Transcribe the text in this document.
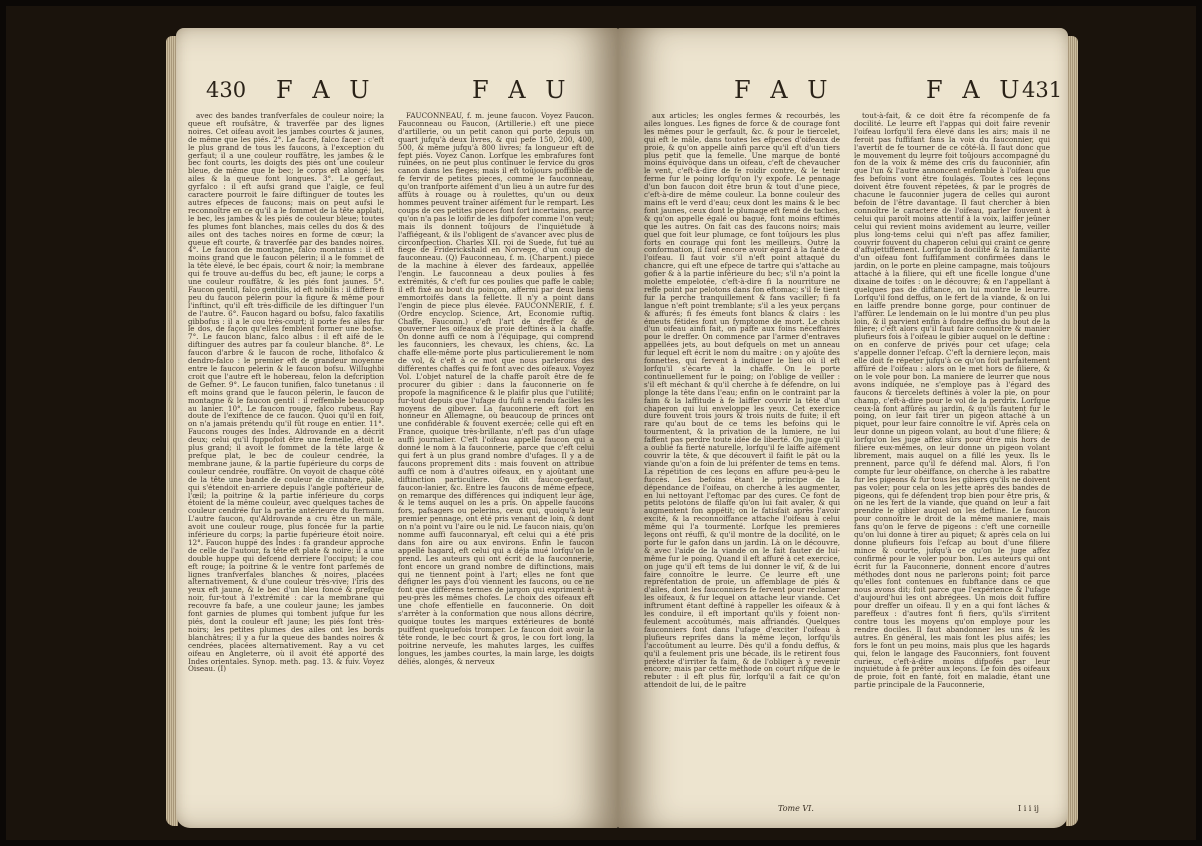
430 F A U	F A U

avec des bandes tranfverfales de couleur noire; la queue eft roufsâtre, & traverfée par des lignes noires. Cet oifeau avoit les jambes courtes & jaunes, de même que les piés. 2°. Le facré, falco facer : c'eft le plus grand de tous les faucons, à l'exception du gerfaut; il a une couleur rouffâtre, les jambes & le bec font courts, les doigts des piés ont une couleur bleue, de même que le bec; le corps eft alongé; les ailes & la queue font longues. 3°. Le gerfaut, gyrfalco : il eft aufsi grand que l'aigle, ce feul caractere pourroit le faire diftinguer de toutes les autres efpeces de faucons; mais on peut aufsi le reconnoître en ce qu'il a le fommet de la tête applati, le bec, les jambes & les piés de couleur bleue; toutes fes plumes font blanches, mais celles du dos & des ailes ont des taches noires en forme de cœur; la queue eft courte, & traverfée par des bandes noires. 4°. Le faucon de montagne, falco montanus : il eft moins grand que le faucon pélerin; il a le fommet de la tête élevé, le bec épais, court & noir; la membrane qui fe trouve au-deffus du bec, eft jaune; le corps a une couleur rouffâtre, & les piés font jaunes. 5°. Faucon gentil, falco gentilis, id eft nobilis : il differe fi peu du faucon pélerin pour la figure & même pour l'inftinct, qu'il eft très-difficile de les diftinguer l'un de l'autre. 6°. Faucon hagard ou bofsu, falco faxatilis gibbofus : il a le cou très-court; il porte fes ailes fur le dos, de façon qu'elles femblent former une bofse. 7°. Le faucon blanc, falco albus : il eft aifé de le diftinguer des autres par fa couleur blanche. 8°. Le faucon d'arbre & le faucon de roche, lithofalco & dendro-falco : le premier eft de grandeur moyenne entre le faucon pelerin & le faucon bofsu. Willughbi croit que l'autre eft le hobereau, felon la defcription de Gefner. 9°. Le faucon tunifien, falco tunetanus : il eft moins grand que le faucon pélerin, le faucon de montagne & le faucon gentil : il reffemble beaucoup au lanier. 10°. Le faucon rouge, falco rubeus. Ray doute de l'exiftence de ce faucon. Quoi qu'il en foit, on n'a jamais prétendu qu'il fût rouge en entier. 11°. Faucons rouges des Indes. Aldrovande en a décrit deux; celui qu'il fuppofoit être une femelle, étoit le plus grand; il avoit le fommet de la tête large & prefque plat, le bec de couleur cendrée, la membrane jaune, & la partie fupérieure du corps de couleur cendrée, rouffâtre. On voyoit de chaque côté de la tête une bande de couleur de cinnabre, pâle, qui s'étendoit en-arriere depuis l'angle poftérieur de l'œil; la poitrine & la partie inférieure du corps étoient de la même couleur, avec quelques taches de couleur cendrée fur la partie antérieure du fternum. L'autre faucon, qu'Aldrovande a cru être un mâle, avoit une couleur rouge, plus foncée fur la partie inférieure du corps; la partie fupérieure étoit noire. 12°. Faucon huppé des Indes : fa grandeur approche de celle de l'autour, fa tête eft plate & noire; il a une double huppe qui defcend derriere l'occiput; le cou eft rouge; la poitrine & le ventre font parfemés de lignes tranfverfales blanches & noires, placées alternativement, & d'une couleur très-vive; l'iris des yeux eft jaune, & le bec d'un bleu foncé & prefque noir, fur-tout à l'extrémité : car la membrane qui recouvre fa bafe, a une couleur jaune; les jambes font garnies de plumes qui tombent jufque fur les piés, dont la couleur eft jaune; les piés font très-noirs; les petites plumes des ailes ont les bords blanchâtres; il y a fur la queue des bandes noires & cendrées, placées alternativement. Ray a vu cet oifeau en Angleterre, où il avoit été apporté des Indes orientales. Synop. meth. pag. 13. & fuiv. Voyez Oiseau. (I)

FAUCONNEAU, f. m. jeune faucon. Voyez Faucon. Fauconneau ou Faucon, (Artillerie.) eft une piece d'artillerie, ou un petit canon qui porte depuis un quart jufqu'à deux livres, & qui pefe 150, 200, 400, 500, & même jufqu'à 800 livres; fa longueur eft de fept piés. Voyez Canon. Lorfque les embrafures font ruinées, on ne peut plus continuer le fervice du gros canon dans les fieges; mais il eft toûjours poffible de fe fervir de petites pieces, comme le fauconneau, qu'on tranfporte aifément d'un lieu à un autre fur des affûts à rouage ou à roulettes, qu'un ou deux hommes peuvent traîner aifément fur le rempart. Les coups de ces petites pieces font fort incertains, parce qu'on n'a pas le loifir de les difpofer comme l'on veut; mais ils donnent toûjours de l'inquiétude à l'affiégeant, & ils l'obligent de s'avancer avec plus de circonfpection. Charles XII. roi de Suede, fut tué au fiege de Friderickshald en Norvege, d'un coup de fauconneau. (Q) Fauconneau, f. m. (Charpent.) piece de la machine à élever des fardeaux, appellée l'engin. Le fauconneau a deux poulies à fes extrémités, & c'eft fur ces poulies que paffe le cable; il eft fixé au bout du poinçon, affermi par deux liens emmortoifés dans la fellette. Il n'y a point dans l'engin de piece plus élevée. FAUCONNERIE, f. f. (Ordre encyclop. Science, Art, Economie ruftiq. Chaffe, Fauconn.) c'eft l'art de dreffer & de gouverner les oifeaux de proie deftinés à la chaffe. On donne auffi ce nom à l'équipage, qui comprend les fauconniers, les chevaux, les chiens, &c. La chaffe elle-même porte plus particulierement le nom de vol, & c'eft à ce mot que nous parlerons des différentes chaffes qui fe font avec des oifeaux. Voyez Vol. L'objet naturel de la chaffe paroît être de fe procurer du gibier : dans la fauconnerie on fe propofe la magnificence & le plaifir plus que l'utilité; fur-tout depuis que l'ufage du fufil a rendu faciles les moyens de gibover. La fauconnerie eft fort en honneur en Allemagne, où beaucoup de princes ont une confidérable & fouvent exercée; celle qui eft en France, quoique très-brillante, n'eft pas d'un ufage auffi journalier. C'eft l'oifeau appellé faucon qui a donné le nom à la fauconnerie, parce que c'eft celui qui fert à un plus grand nombre d'ufages. Il y a de faucons proprement dits : mais fouvent on attribue auffi ce nom à d'autres oifeaux, en y ajoûtant une diftinction particuliere. On dit faucon-gerfaut, faucon-lanier, &c. Entre les faucons de même efpece, on remarque des différences qui indiquent leur âge, & le tems auquel on les a pris. On appelle faucons fors, pafsagers ou pelerins, ceux qui, quoiqu'à leur premier pennage, ont été pris venant de loin, & dont on n'a point vu l'aire ou le nid. Le faucon niais, qu'on nomme auffi fauconnaryal, eft celui qui a été pris dans fon aire ou aux environs. Enfin le faucon appellé hagard, eft celui qui a déja mué lorfqu'on le prend. Les auteurs qui ont écrit de la fauconnerie, font encore un grand nombre de diftinctions, mais qui ne tiennent point à l'art; elles ne font que défigner les pays d'où viennent les faucons, ou ce ne font que différens termes de jargon qui expriment à-peu-près les mêmes chofes. Le choix des oifeaux eft une chofe effentielle en fauconnerie. On doit s'arrêter à la conformation que nous allons décrire, quoique toutes les marques extérieures de bonté puiffent quelquefois tromper. Le faucon doit avoir la tête ronde, le bec court & gros, le cou fort long, la poitrine nerveufe, les mahutes larges, les cuiffes longues, les jambes courtes, la main large, les doigts déliés, alongés, & nerveux

F A U	F A U
431

aux articles; les ongles fermes & recourbés, les ailes longues. Les fignes de force & de courage font les mêmes pour le gerfault, &c. & pour le tiercelet, qui eft le mâle, dans toutes les efpeces d'oifeaux de proie, & qu'on appelle ainfi parce qu'il eft d'un tiers plus petit que la femelle. Une marque de bonté moins équivoque dans un oifeau, c'eft de chevaucher le vent, c'eft-à-dire de fe roidir contre, & le tenir ferme fur le poing lorfqu'on l'y expofe. Le pennage d'un bon faucon doit être brun & tout d'une piece, c'eft-à-dire de même couleur. La bonne couleur des mains eft le verd d'eau; ceux dont les mains & le bec font jaunes, ceux dont le plumage eft femé de taches, & qu'on appelle égalé ou bagué, font moins eftimés que les autres. On fait cas des faucons noirs; mais quel que foit leur plumage, ce font toûjours les plus forts en courage qui font les meilleurs. Outre la conformation, il faut encore avoir égard à la fanté de l'oifeau. Il faut voir s'il n'eft point attaqué du chancre, qui eft une efpece de tartre qui s'attache au gofier & à la partie inférieure du bec; s'il n'a point la molette empelotée, c'eft-à-dire fi la nourriture ne reffe point par pelotons dans fon eftomac; s'il fe tient fur la perche tranquillement & fans vaciller; fi fa langue n'eft point tremblante; s'il a les yeux perçans & affurés; fi fes émeuts font blancs & clairs : les émeuts fétides font un fymptome de mort. Le choix d'un oifeau ainfi fait, on paffe aux foins néceffaires pour le dreffer. On commence par l'armer d'entraves appellées jets, au bout defquels on met un anneau fur lequel eft écrit le nom du maître : on y ajoûte des fonnettes, qui fervent à indiquer le lieu où il eft lorfqu'il s'écarte à la chaffe. On le porte continuellement fur le poing; on l'oblige de veiller : s'il eft méchant & qu'il cherche à fe défendre, on lui plonge la tête dans l'eau; enfin on le contraint par la faim & la laffitude à fe laiffer couvrir la tête d'un chaperon qui lui enveloppe les yeux. Cet exercice dure fouvent trois jours & trois nuits de fuite; il eft rare qu'au bout de ce tems les befoins qui le tourmentent, & la privation de la lumiere, ne lui faffent pas perdre toute idée de liberté. On juge qu'il a oublié fa fierté naturelle, lorfqu'il fe laiffe aifément couvrir la tête, & que découvert il faifit le pât ou la viande qu'on a foin de lui préfenter de tems en tems. La répétition de ces leçons en affure peu-à-peu le fuccès. Les befoins étant le principe de la dépendance de l'oifeau, on cherche à les augmenter, en lui nettoyant l'eftomac par des cures. Ce font de petits pelotons de filaffe qu'on lui fait avaler, & qui augmentent fon appétit; on le fatisfait après l'avoir excité, & la reconnoiffance attache l'oifeau à celui même qui l'a tourmenté. Lorfque les premieres leçons ont réuffi, & qu'il montre de la docilité, on le porte fur le gafon dans un jardin. Là on le découvre, & avec l'aide de la viande on le fait fauter de lui-même fur le poing. Quand il eft affuré à cet exercice, on juge qu'il eft tems de lui donner le vif, & de lui faire connoître le leurre. Ce leurre eft une repréfentation de proie, un affemblage de piés & d'ailes, dont les fauconniers fe fervent pour réclamer les oifeaux, & fur lequel on attache leur viande. Cet inftrument étant deftiné à rappeller les oifeaux & à les conduire, il eft important qu'ils y foient non-feulement accoûtumés, mais affriandés. Quelques fauconniers font dans l'ufage d'exciter l'oifeau à plufieurs reprifes dans la même leçon, lorfqu'ils l'accoûtument au leurre. Dès qu'il a fondu deffus, & qu'il a feulement pris une bécade, ils le retirent fous prétexte d'irriter fa faim, & de l'obliger à y revenir encore; mais par cette méthode on court rifque de le rebuter : il eft plus für, lorfqu'il a fait ce qu'on attendoit de lui, de le paître

tout-à-fait, & ce doit être fa récompenfe de fa docilité. Le leurre eft l'appas qui doit faire revenir l'oifeau lorfqu'il fera élevé dans les airs; mais il ne feroit pas fuffifant fans la voix du fauconnier, qui l'avertit de fe tourner de ce côté-là. Il faut donc que le mouvement du leurre foit toûjours accompagné du fon de la voix & même des cris du fauconnier, afin que l'un & l'autre annoncent enfemble à l'oifeau que fes befoins vont être foulagés. Toutes ces leçons doivent être fouvent répetées, & par le progrès de chacune le fauconnier jugera de celles qui auront befoin de l'être davantage. Il faut chercher à bien connoître le caractere de l'oifeau, parler fouvent à celui qui paroît moins attentif à la voix, laiffer jeûner celui qui revient moins avidement au leurre, veiller plus long-tems celui qui n'eft pas affez familier, couvrir fouvent du chaperon celui qui craint ce genre d'affujettiffement. Lorfque la docilité & la familiarité d'un oifeau font fuffifamment confirmées dans le jardin, on le porte en pleine campagne, mais toûjours attaché à la filiere, qui eft une ficelle longue d'une dixaine de toifes : on le découvre; & en l'appellant à quelques pas de diftance, on lui montre le leurre. Lorfqu'il fond deffus, on le fert de la viande, & on lui en laiffe prendre bonne gorge, pour continuer de l'affûrer. Le lendemain on le lui montre d'un peu plus loin, & il parvient enfin à fondre deffus du bout de la filiere; c'eft alors qu'il faut faire connoître & manier plufieurs fois à l'oifeau le gibier auquel on le deftine : on en conferve de privés pour cet ufage; cela s'appelle donner l'efcap. C'eft la derniere leçon, mais elle doit fe répeter jufqu'à ce qu'on foit parfaitement affûré de l'oifeau : alors on le met hors de filiere, & on le vole pour bon. La maniere de leurrer que nous avons indiquée, ne s'employe pas à l'égard des faucons & tiercelets deftinés à voler la pie, on pour champ, c'eft-à-dire pour le vol de la perdrix. Lorfque ceux-là font affûrés au jardin, & qu'ils fautent fur le poing, on leur fait tirer un pigeon attaché à un piquet, pour leur faire connoître le vif. Après cela on leur donne un pigeon volant, au bout d'une filiere; & lorfqu'on les juge affez sûrs pour être mis hors de filiere eux-mêmes, on leur donne un pigeon volant librement, mais auquel on a fillé les yeux. Ils le prennent, parce qu'il fe défend mal. Alors, fi l'on compte fur leur obéiffance, on cherche à les rabattre fur les pigeons & fur tous les gibiers qu'ils ne doivent pas voler; pour cela on les jette après des bandes de pigeons, qui fe défendent trop bien pour être pris, & on ne les fert de la viande, que quand on leur a fait prendre le gibier auquel on les deftine. Le faucon pour connoître le droit de la même maniere, mais fans qu'on le ferve de pigeons : c'eft une corneille qu'on lui donne à tirer au piquet; & après cela on lui donne plufieurs fois l'efcap au bout d'une filiere mince & courte, jufqu'à ce qu'on le juge affez confirmé pour le voler pour bon. Les auteurs qui ont écrit fur la Fauconnerie, donnent encore d'autres méthodes dont nous ne parlerons point; foit parce qu'elles font contenues en fubftance dans ce que nous avons dit; foit parce que l'expérience & l'ufage d'aujourd'hui les ont abrégées. Un mois doit fuffire pour dreffer un oifeau. Il y en a qui font lâches & pareffeux : d'autres font fi fiers, qu'ils s'irritent contre tous les moyens qu'on employe pour les rendre dociles. Il faut abandonner les uns & les autres. En général, les mais font les plus aifés; les fors le font un peu moins, mais plus que les hagards qui, felon le langage des Fauconniers, font fouvent curieux, c'eft-à-dire moins difpofés par leur inquiétude à fe prêter aux leçons. Le foin des oifeaux de proie, foit en fanté, foit en maladie, étant une partie principale de la Fauconnerie,

Tome VI.	I i i ij
